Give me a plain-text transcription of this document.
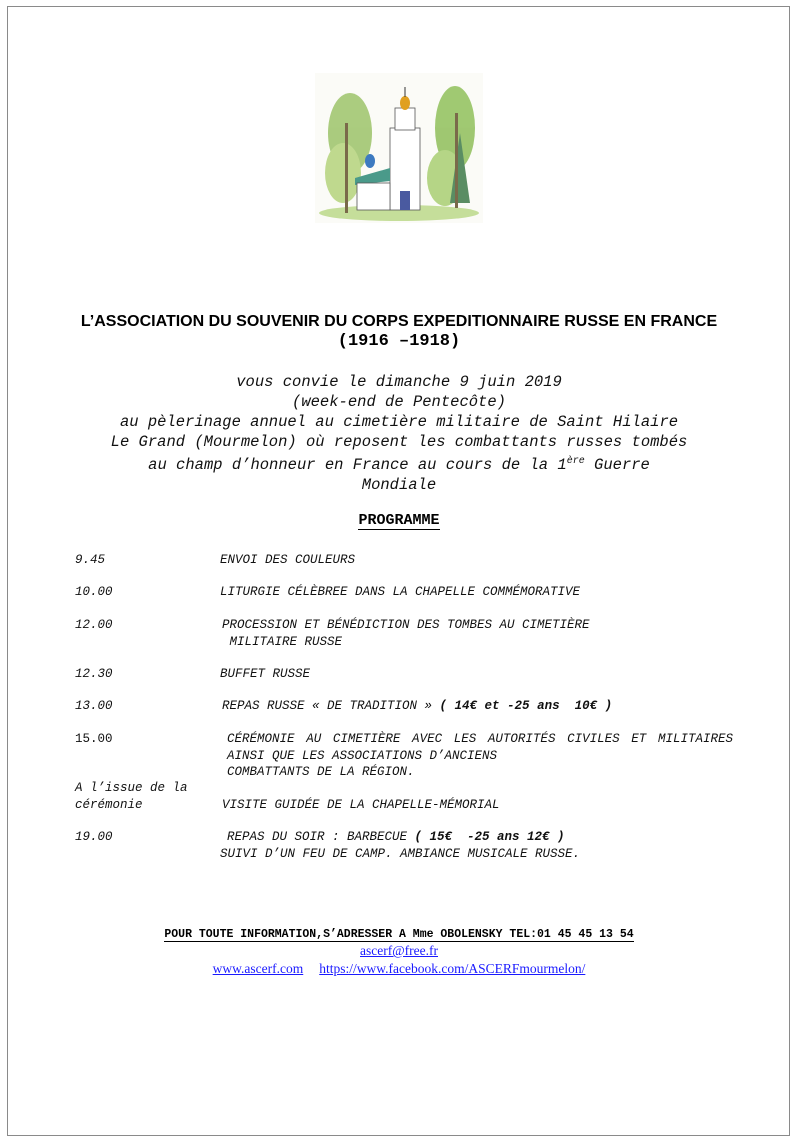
L’ASSOCIATION DU SOUVENIR DU CORPS EXPEDITIONNAIRE RUSSE EN FRANCE
(1916 –1918)
vous convie le dimanche 9 juin 2019
(week-end de Pentecôte)
au pèlerinage annuel au cimetière militaire de Saint Hilaire
Le Grand (Mourmelon) où reposent les combattants russes tombés
au champ d’honneur en France au cours de la 1ère Guerre
Mondiale
PROGRAMME
9.45	ENVOI DES COULEURS
10.00	LITURGIE CÉLÈBREE DANS LA CHAPELLE COMMÉMORATIVE
12.00	PROCESSION ET BÉNÉDICTION DES TOMBES AU CIMETIÈRE
MILITAIRE RUSSE
12.30	BUFFET RUSSE
13.00	REPAS RUSSE « DE TRADITION » ( 14€ et -25 ans  10€ )
15.00	CÉRÉMONIE AU CIMETIÈRE AVEC LES AUTORITÉS CIVILES ET MILITAIRES AINSI QUE LES ASSOCIATIONS D’ANCIENS
COMBATTANTS DE LA RÉGION.
A l’issue de la
cérémonie	VISITE GUIDÉE DE LA CHAPELLE-MÉMORIAL
19.00	REPAS DU SOIR : BARBECUE ( 15€  -25 ans 12€ )
SUIVI D’UN FEU DE CAMP. AMBIANCE MUSICALE RUSSE.
POUR TOUTE INFORMATION,S’ADRESSER A Mme OBOLENSKY TEL:01 45 45 13 54
ascerf@free.fr
www.ascerf.com https://www.facebook.com/ASCERFmourmelon/
